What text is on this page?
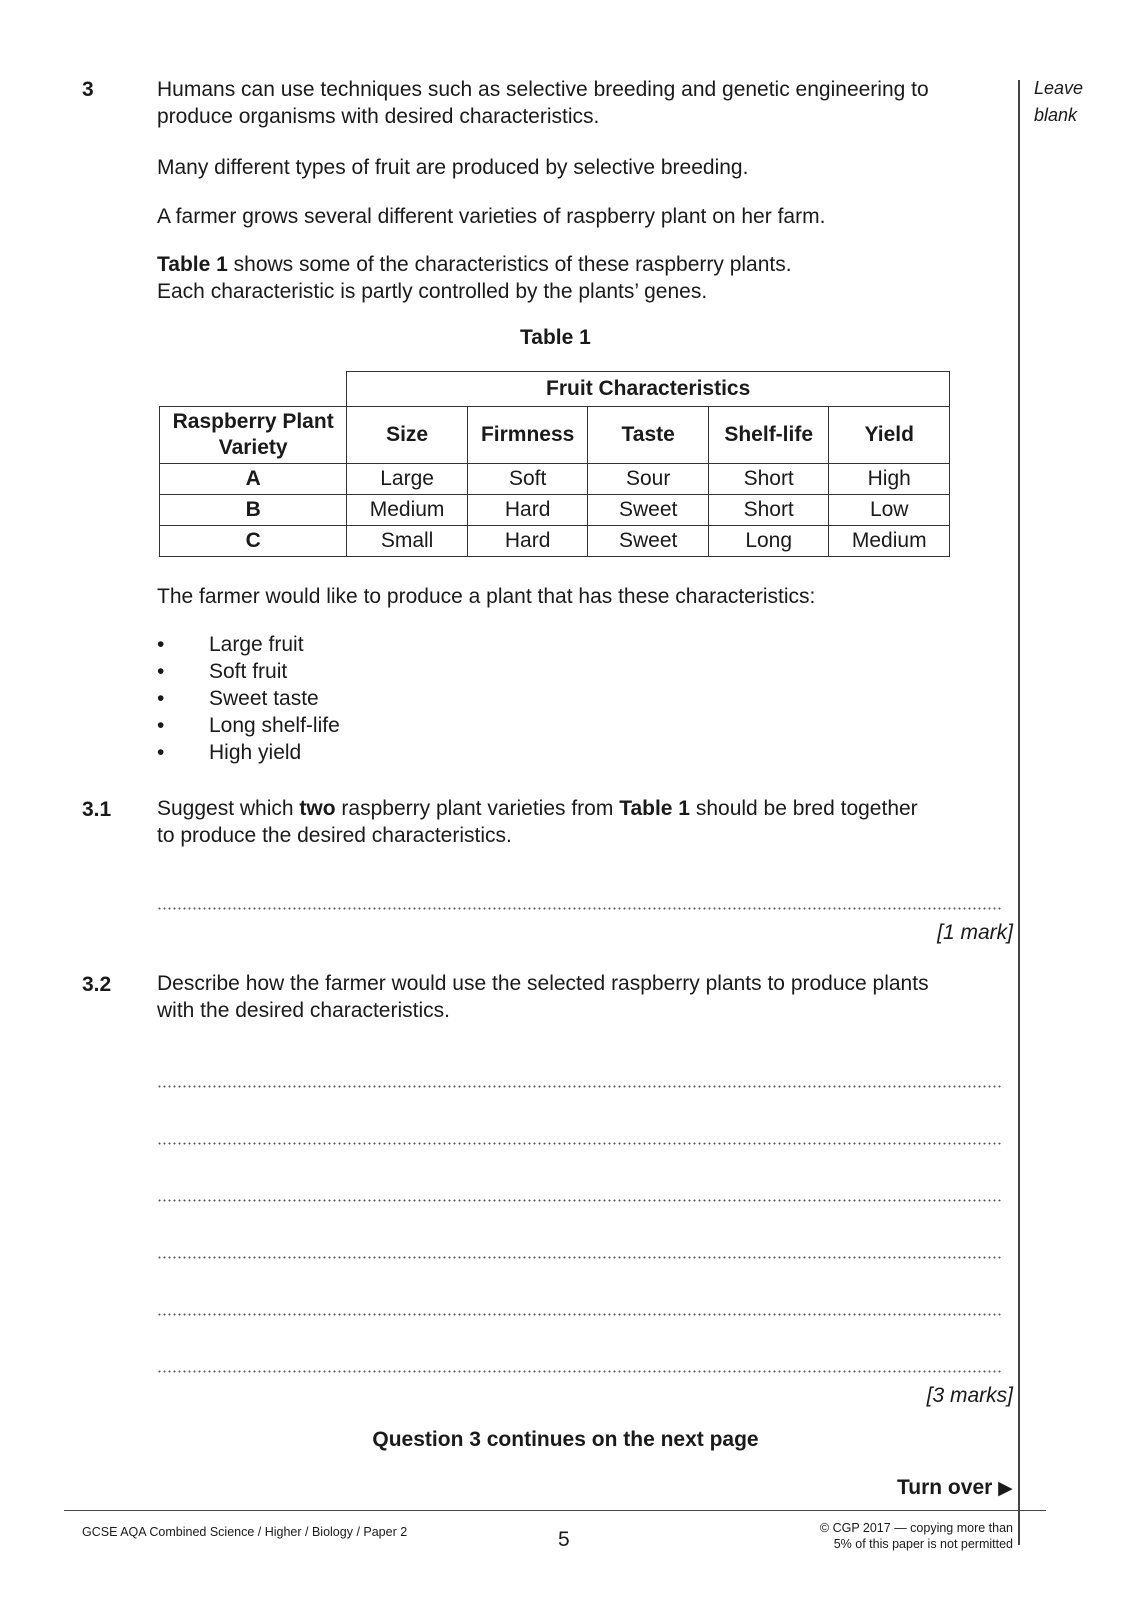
Leave
blank
3	Humans can use techniques such as selective breeding and genetic engineering to
produce organisms with desired characteristics.
Many different types of fruit are produced by selective breeding.
A farmer grows several different varieties of raspberry plant on her farm.
Table 1 shows some of the characteristics of these raspberry plants.
Each characteristic is partly controlled by the plants’ genes.
Table 1
	Fruit Characteristics				

Raspberry Plant
Variety	Size	Firmness	Taste	Shelf-life	Yield
A	Large	Soft	Sour	Short	High
B	Medium	Hard	Sweet	Short	Low
C	Small	Hard	Sweet	Long	Medium
The farmer would like to produce a plant that has these characteristics:
•	Large fruit
•	Soft fruit
•	Sweet taste
•	Long shelf-life
•	High yield
3.1 Suggest which two raspberry plant varieties from Table 1 should be bred together
to produce the desired characteristics.
[1 mark]
3.2 Describe how the farmer would use the selected raspberry plants to produce plants
with the desired characteristics.
[3 marks]
Question 3 continues on the next page
Turn over ▶
GCSE AQA Combined Science / Higher / Biology / Paper 2	5	© CGP 2017 — copying more than
5% of this paper is not permitted
